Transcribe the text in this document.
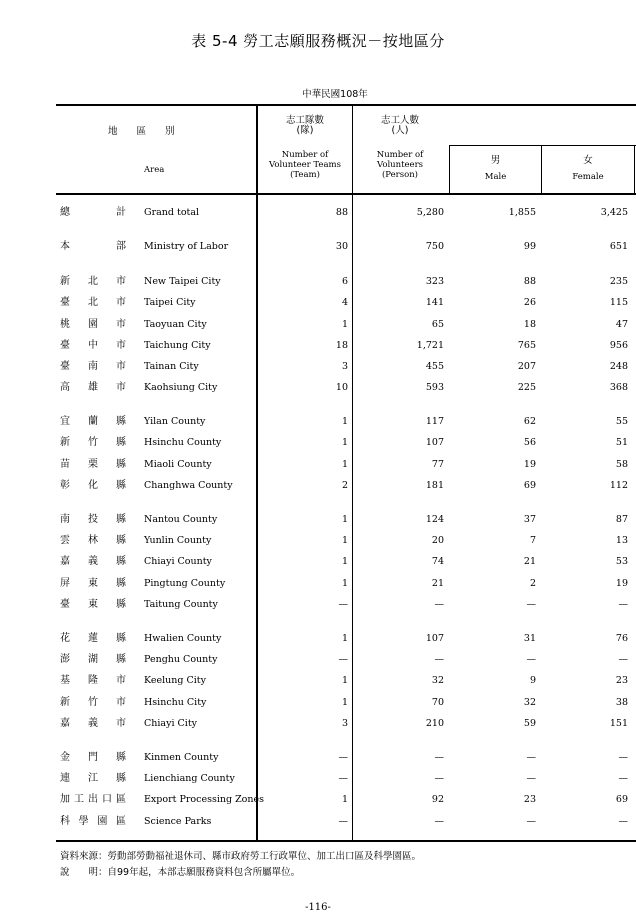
表 5-4 勞工志願服務概況－按地區分
中華民國108年
地　　區　　別
Area
志工隊數
(隊)
Number of
Volunteer Teams
(Team)
志工人數
(人)
Number of
Volunteers
(Person)
男
Male
女
Female
總計 Grand total	88	5,280	1,855	3,425
本部 Ministry of Labor	30	750	99	651
新北市 New Taipei City	6	323	88	235
臺北市 Taipei City	4	141	26	115
桃園市 Taoyuan City	1	65	18	47
臺中市 Taichung City	18	1,721	765	956
臺南市 Tainan City	3	455	207	248
高雄市 Kaohsiung City	10	593	225	368
宜蘭縣 Yilan County	1	117	62	55
新竹縣 Hsinchu County	1	107	56	51
苗栗縣 Miaoli County	1	77	19	58
彰化縣 Changhwa County	2	181	69	112
南投縣 Nantou County	1	124	37	87
雲林縣 Yunlin County	1	20	7	13
嘉義縣 Chiayi County	1	74	21	53
屏東縣 Pingtung County	1	21	2	19
臺東縣 Taitung County	—	—	—	—
花蓮縣 Hwalien County	1	107	31	76
澎湖縣 Penghu County	—	—	—	—
基隆市 Keelung City	1	32	9	23
新竹市 Hsinchu City	1	70	32	38
嘉義市 Chiayi City	3	210	59	151
金門縣 Kinmen County	—	—	—	—
連江縣 Lienchiang County	—	—	—	—
加工出口區 Export Processing Zones	1	92	23	69
科學園區 Science Parks	—	—	—	—
資料來源：勞動部勞動福祉退休司、縣市政府勞工行政單位、加工出口區及科學園區。
說　　明：自99年起，本部志願服務資料包含所屬單位。
-116-
